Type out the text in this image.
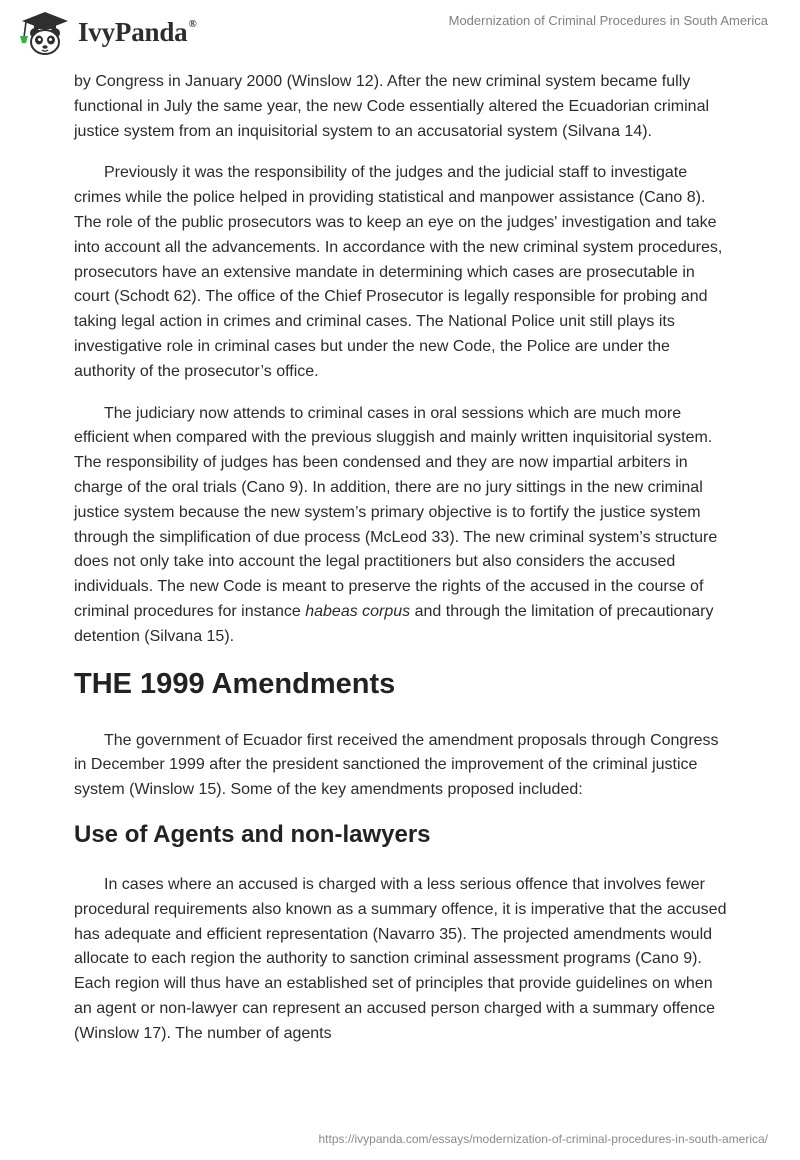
IvyPanda®	Modernization of Criminal Procedures in South America

by Congress in January 2000 (Winslow 12). After the new criminal system became fully functional in July the same year, the new Code essentially altered the Ecuadorian criminal justice system from an inquisitorial system to an accusatorial system (Silvana 14).

Previously it was the responsibility of the judges and the judicial staff to investigate crimes while the police helped in providing statistical and manpower assistance (Cano 8). The role of the public prosecutors was to keep an eye on the judges' investigation and take into account all the advancements. In accordance with the new criminal system procedures, prosecutors have an extensive mandate in determining which cases are prosecutable in court (Schodt 62). The office of the Chief Prosecutor is legally responsible for probing and taking legal action in crimes and criminal cases. The National Police unit still plays its investigative role in criminal cases but under the new Code, the Police are under the authority of the prosecutor’s office.

The judiciary now attends to criminal cases in oral sessions which are much more efficient when compared with the previous sluggish and mainly written inquisitorial system. The responsibility of judges has been condensed and they are now impartial arbiters in charge of the oral trials (Cano 9). In addition, there are no jury sittings in the new criminal justice system because the new system’s primary objective is to fortify the justice system through the simplification of due process (McLeod 33). The new criminal system’s structure does not only take into account the legal practitioners but also considers the accused individuals. The new Code is meant to preserve the rights of the accused in the course of criminal procedures for instance habeas corpus and through the limitation of precautionary detention (Silvana 15).

THE 1999 Amendments

The government of Ecuador first received the amendment proposals through Congress in December 1999 after the president sanctioned the improvement of the criminal justice system (Winslow 15). Some of the key amendments proposed included:

Use of Agents and non-lawyers

In cases where an accused is charged with a less serious offence that involves fewer procedural requirements also known as a summary offence, it is imperative that the accused has adequate and efficient representation (Navarro 35). The projected amendments would allocate to each region the authority to sanction criminal assessment programs (Cano 9). Each region will thus have an established set of principles that provide guidelines on when an agent or non-lawyer can represent an accused person charged with a summary offence (Winslow 17). The number of agents

https://ivypanda.com/essays/modernization-of-criminal-procedures-in-south-america/
